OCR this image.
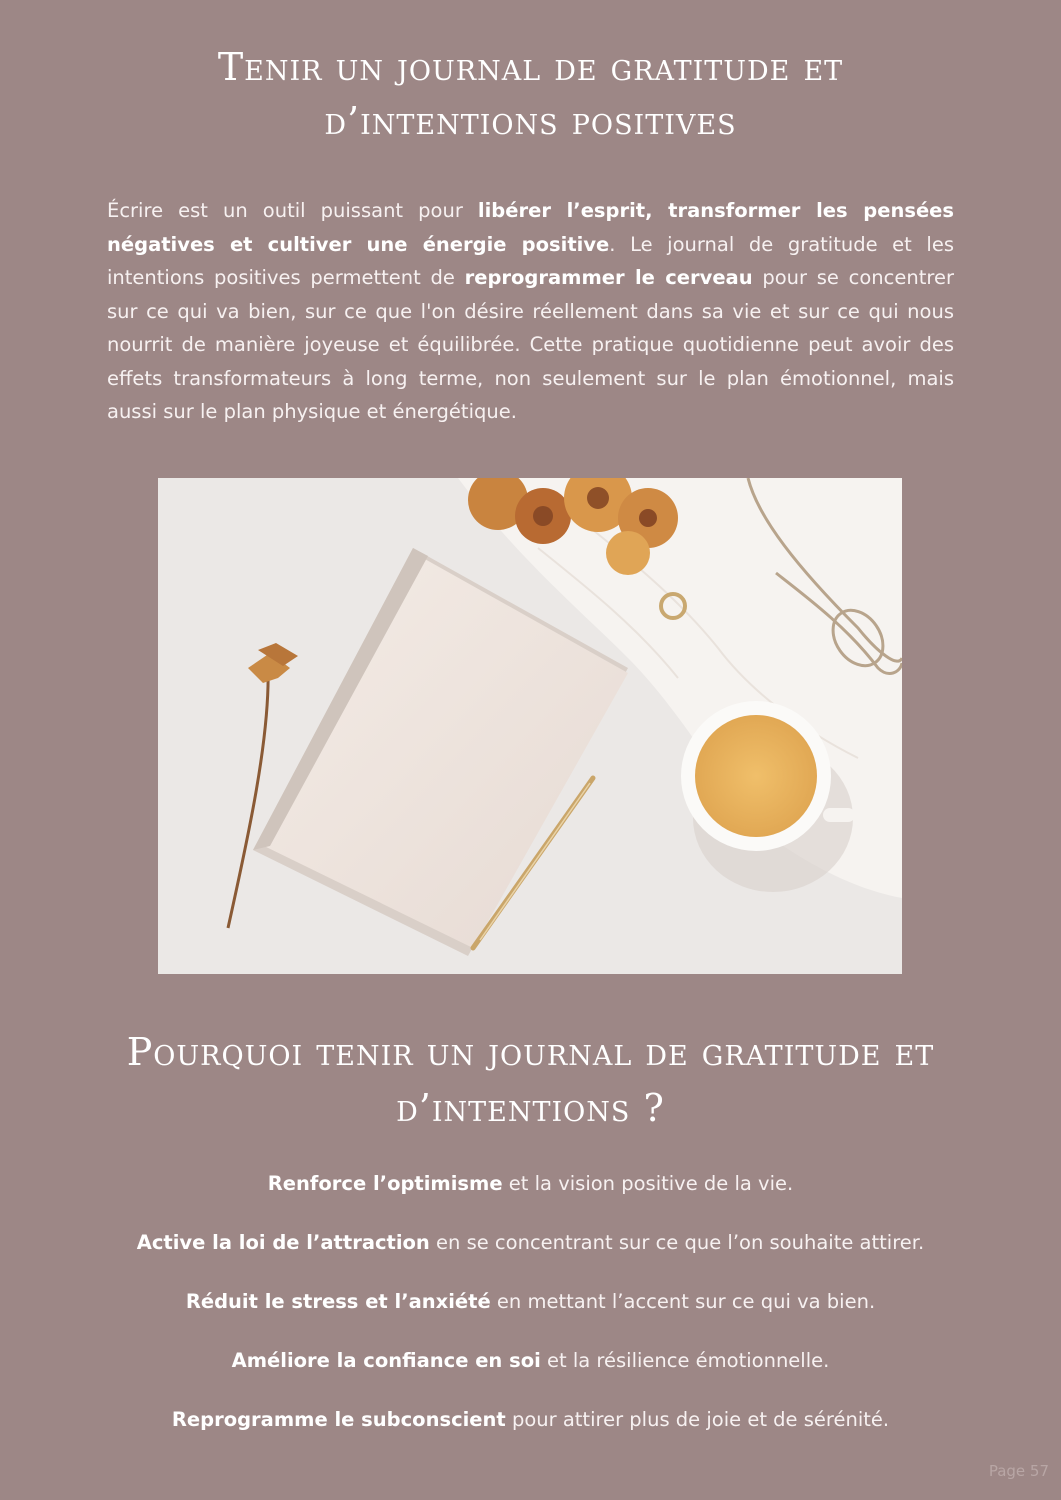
Tenir un journal de gratitude et
d’intentions positives

Écrire est un outil puissant pour libérer l’esprit, transformer les pensées négatives et cultiver une énergie positive. Le journal de gratitude et les intentions positives permettent de reprogrammer le cerveau pour se concentrer sur ce qui va bien, sur ce que l'on désire réellement dans sa vie et sur ce qui nous nourrit de manière joyeuse et équilibrée. Cette pratique quotidienne peut avoir des effets transformateurs à long terme, non seulement sur le plan émotionnel, mais aussi sur le plan physique et énergétique.

Pourquoi tenir un journal de gratitude et
d’intentions ?
Renforce l’optimisme et la vision positive de la vie.
Active la loi de l’attraction en se concentrant sur ce que l’on souhaite attirer.
Réduit le stress et l’anxiété en mettant l’accent sur ce qui va bien.
Améliore la confiance en soi et la résilience émotionnelle.
Reprogramme le subconscient pour attirer plus de joie et de sérénité.
Page 57
